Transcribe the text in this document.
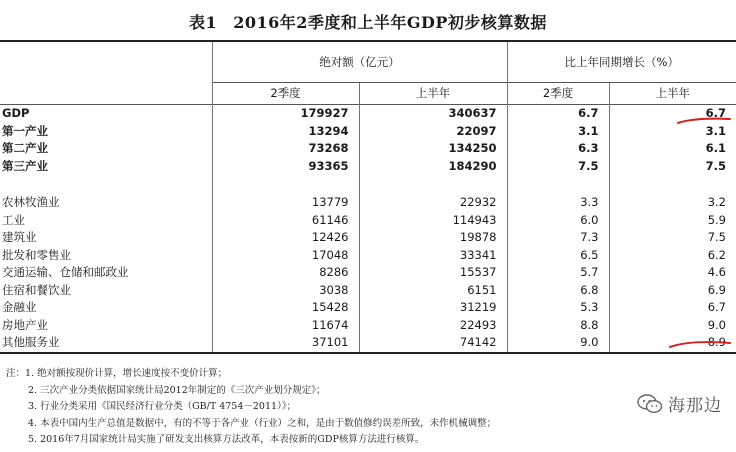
表1 2016年2季度和上半年GDP初步核算数据
	绝对额（亿元）		比上年同期增长（%）	
	2季度	上半年	2季度	上半年
GDP	179927	340637	6.7	6.7
第一产业	13294	22097	3.1	3.1
第二产业	73268	134250	6.3	6.1
第三产业	93365	184290	7.5	7.5

农林牧渔业	13779	22932	3.3	3.2
工业	61146	114943	6.0	5.9
建筑业	12426	19878	7.3	7.5
批发和零售业	17048	33341	6.5	6.2
交通运输、仓储和邮政业	8286	15537	5.7	4.6
住宿和餐饮业	3038	6151	6.8	6.9
金融业	15428	31219	5.3	6.7
房地产业	11674	22493	8.8	9.0
其他服务业	37101	74142	9.0	8.9
注：1. 绝对额按现价计算，增长速度按不变价计算；
2. 三次产业分类依据国家统计局2012年制定的《三次产业划分规定》；
3. 行业分类采用《国民经济行业分类（GB/T 4754－2011）》；
4. 本表中国内生产总值是数据中，有的不等于各产业（行业）之和，是由于数值修约误差所致，未作机械调整；
5. 2016年7月国家统计局实施了研发支出核算方法改革，本表按新的GDP核算方法进行核算。
海那边
